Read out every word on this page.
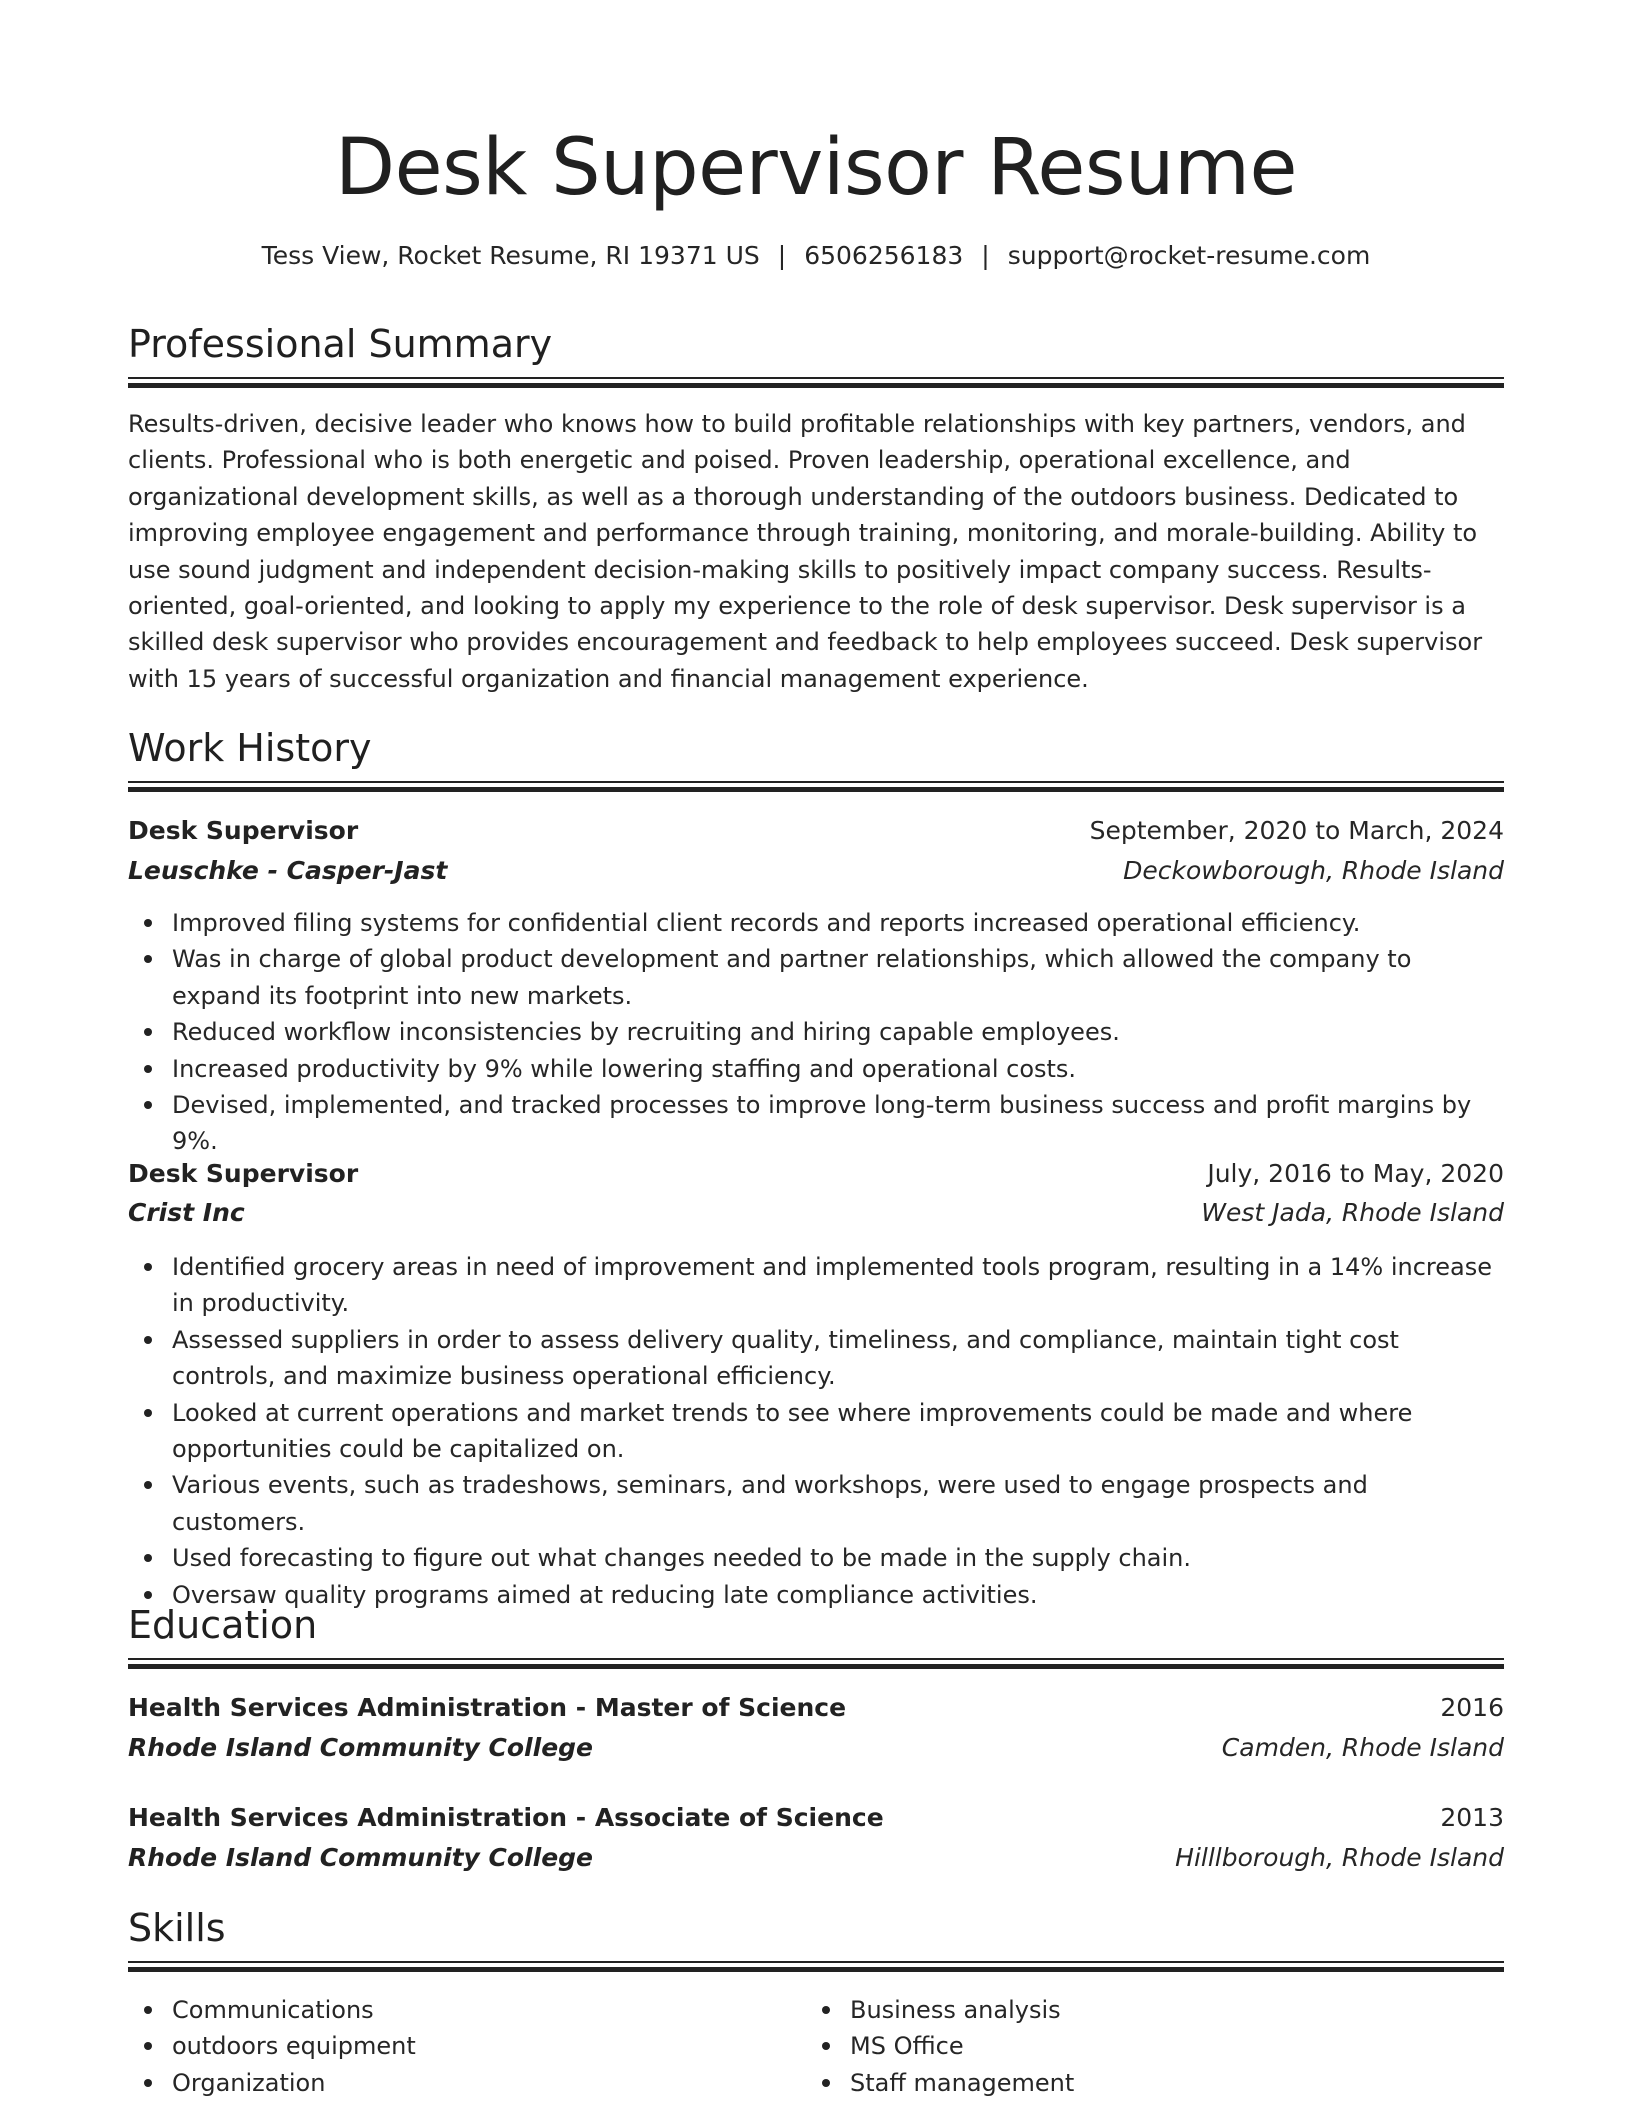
Desk Supervisor Resume
Tess View, Rocket Resume, RI 19371 US | 6506256183 | support@rocket-resume.com
Professional Summary

Results-driven, decisive leader who knows how to build profitable relationships with key partners, vendors, and clients. Professional who is both energetic and poised. Proven leadership, operational excellence, and organizational development skills, as well as a thorough understanding of the outdoors business. Dedicated to improving employee engagement and performance through training, monitoring, and morale-building. Ability to use sound judgment and independent decision-making skills to positively impact company success. Results-oriented, goal-oriented, and looking to apply my experience to the role of desk supervisor. Desk supervisor is a skilled desk supervisor who provides encouragement and feedback to help employees succeed. Desk supervisor with 15 years of successful organization and financial management experience.

Work History
Desk Supervisor	September, 2020 to March, 2024
Leuschke - Casper-Jast	Deckowborough, Rhode Island
Improved filing systems for confidential client records and reports increased operational efficiency.
Was in charge of global product development and partner relationships, which allowed the company to expand its footprint into new markets.
Reduced workflow inconsistencies by recruiting and hiring capable employees.
Increased productivity by 9% while lowering staffing and operational costs.
Devised, implemented, and tracked processes to improve long-term business success and profit margins by 9%.
Desk Supervisor	July, 2016 to May, 2020
Crist Inc	West Jada, Rhode Island
Identified grocery areas in need of improvement and implemented tools program, resulting in a 14% increase in productivity.
Assessed suppliers in order to assess delivery quality, timeliness, and compliance, maintain tight cost controls, and maximize business operational efficiency.
Looked at current operations and market trends to see where improvements could be made and where opportunities could be capitalized on.
Various events, such as tradeshows, seminars, and workshops, were used to engage prospects and customers.
Used forecasting to figure out what changes needed to be made in the supply chain.
Oversaw quality programs aimed at reducing late compliance activities.
Education
Health Services Administration - Master of Science	2016
Rhode Island Community College	Camden, Rhode Island
Health Services Administration - Associate of Science	2013
Rhode Island Community College	Hilllborough, Rhode Island
Skills
Communications
outdoors equipment
Organization
Business analysis
MS Office
Staff management
